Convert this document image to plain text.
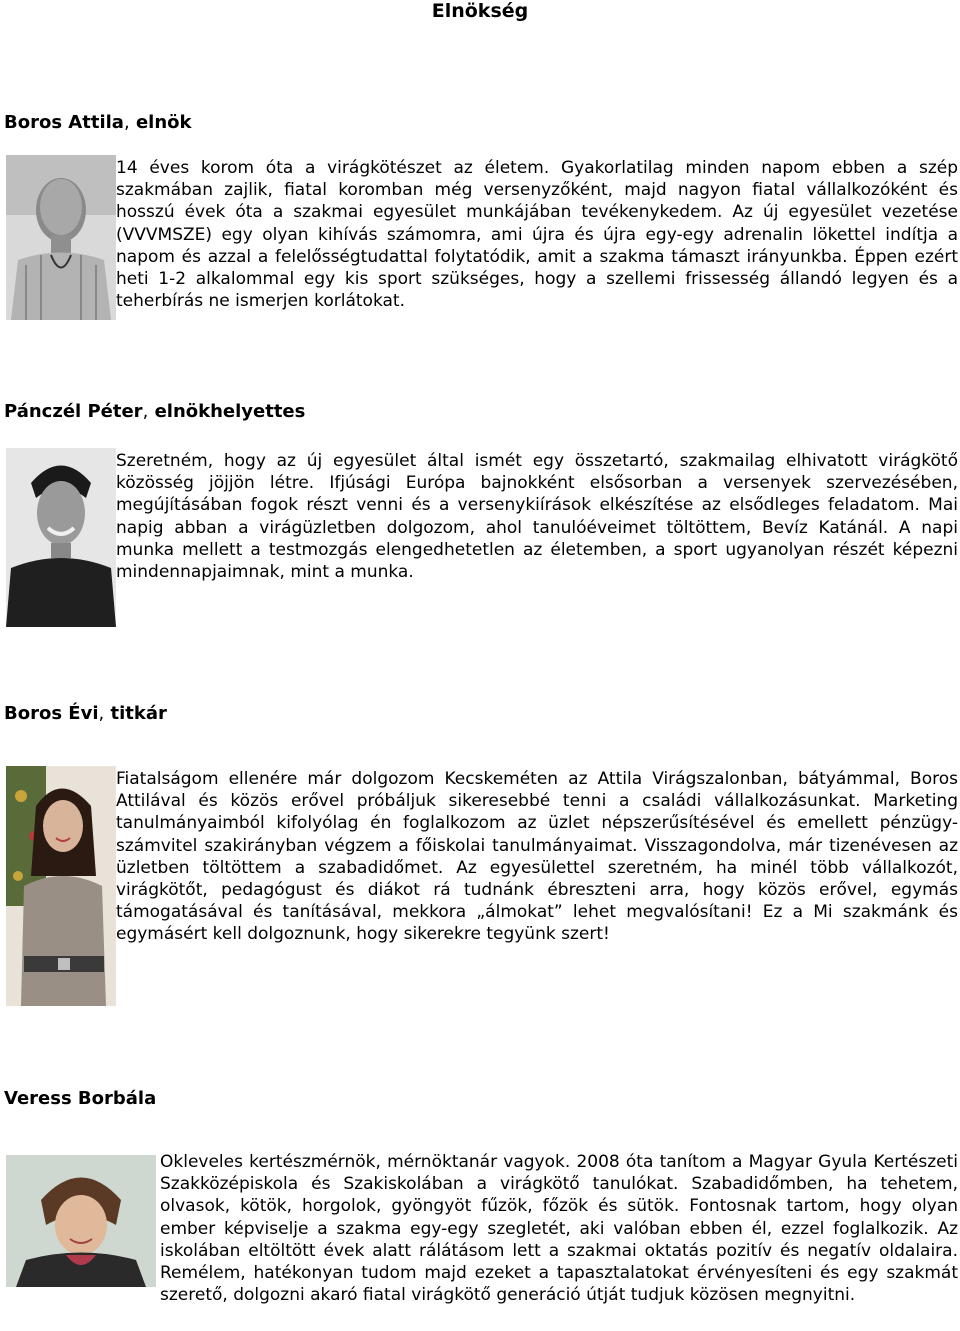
Elnökség
Boros Attila, elnök

14 éves korom óta a virágkötészet az életem. Gyakorlatilag minden napom ebben a szép szakmában zajlik, fiatal koromban még versenyzőként, majd nagyon fiatal vállalkozóként és hosszú évek óta a szakmai egyesület munkájában tevékenykedem. Az új egyesület vezetése (VVVMSZE) egy olyan kihívás számomra, ami újra és újra egy-egy adrenalin lökettel indítja a napom és azzal a felelősségtudattal folytatódik, amit a szakma támaszt irányunkba. Éppen ezért heti 1-2 alkalommal egy kis sport szükséges, hogy a szellemi frissesség állandó legyen és a teherbírás ne ismerjen korlátokat.

Pánczél Péter, elnökhelyettes

Szeretném, hogy az új egyesület által ismét egy összetartó, szakmailag elhivatott virágkötő közösség jöjjön létre. Ifjúsági Európa bajnokként elsősorban a versenyek szervezésében, megújításában fogok részt venni és a versenykiírások elkészítése az elsődleges feladatom. Mai napig abban a virágüzletben dolgozom, ahol tanulóéveimet töltöttem, Bevíz Katánál. A napi munka mellett a testmozgás elengedhetetlen az életemben, a sport ugyanolyan részét képezni mindennapjaimnak, mint a munka.

Boros Évi, titkár

Fiatalságom ellenére már dolgozom Kecskeméten az Attila Virágszalonban, bátyámmal, Boros Attilával és közös erővel próbáljuk sikeresebbé tenni a családi vállalkozásunkat. Marketing tanulmányaimból kifolyólag én foglalkozom az üzlet népszerűsítésével és emellett pénzügy- számvitel szakirányban végzem a főiskolai tanulmányaimat. Visszagondolva, már tizenévesen az üzletben töltöttem a szabadidőmet. Az egyesülettel szeretném, ha minél több vállalkozót, virágkötőt, pedagógust és diákot rá tudnánk ébreszteni arra, hogy közös erővel, egymás támogatásával és tanításával, mekkora „álmokat” lehet megvalósítani! Ez a Mi szakmánk és egymásért kell dolgoznunk, hogy sikerekre tegyünk szert!

Veress Borbála
Okleveles kertészmérnök, mérnöktanár vagyok. 2008 óta tanítom a Magyar Gyula Kertészeti Szakközépiskola és Szakiskolában a virágkötő tanulókat. Szabadidőmben, ha tehetem, olvasok, kötök, horgolok, gyöngyöt fűzök, főzök és sütök. Fontosnak tartom, hogy olyan ember képviselje a szakma egy-egy szegletét, aki valóban ebben él, ezzel foglalkozik. Az iskolában eltöltött évek alatt rálátásom lett a szakmai oktatás pozitív és negatív oldalaira. Remélem, hatékonyan tudom majd ezeket a tapasztalatokat érvényesíteni és egy szakmát szerető, dolgozni akaró fiatal virágkötő generáció útját tudjuk közösen megnyitni.
